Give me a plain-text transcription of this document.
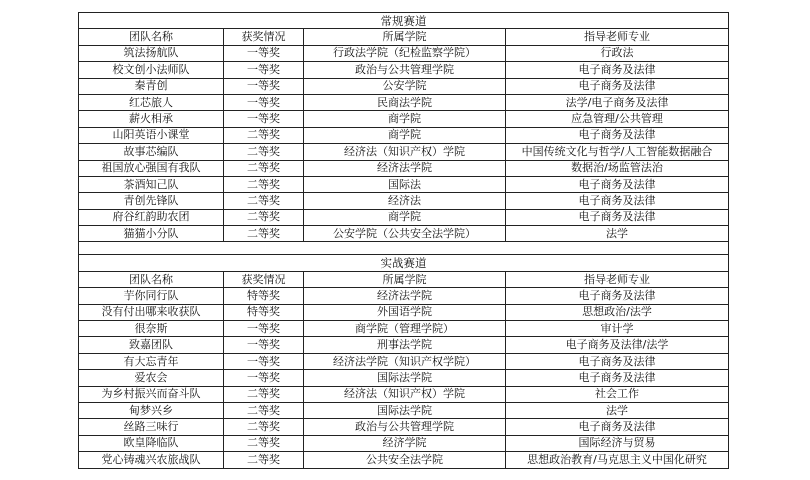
常规赛道			
团队名称	获奖情况	所属学院	指导老师专业
筑法扬航队	一等奖	行政法学院（纪检监察学院）	行政法
校文创小法师队	一等奖	政治与公共管理学院	电子商务及法律
秦青创	一等奖	公安学院	电子商务及法律
红芯旅人	一等奖	民商法学院	法学/电子商务及法律
薪火相承	一等奖	商学院	应急管理/公共管理
山阳英语小课堂	二等奖	商学院	电子商务及法律
故事芯编队	二等奖	经济法（知识产权）学院	中国传统文化与哲学/人工智能数据融合
祖国放心强国有我队	二等奖	经济法学院	数据治/场监管法治
茶酒知己队	二等奖	国际法	电子商务及法律
青创先锋队	二等奖	经济法	电子商务及法律
府谷红韵助农团	二等奖	商学院	电子商务及法律
猫猫小分队	二等奖	公安学院（公共安全法学院）	法学

实战赛道			
团队名称	获奖情况	所属学院	指导老师专业
芋你同行队	特等奖	经济法学院	电子商务及法律
没有付出哪来收获队	特等奖	外国语学院	思想政治/法学
很奈斯	一等奖	商学院（管理学院）	审计学
致嘉团队	一等奖	刑事法学院	电子商务及法律/法学
有大忘青年	一等奖	经济法学院（知识产权学院）	电子商务及法律
爱农会	一等奖	国际法学院	电子商务及法律
为乡村振兴而奋斗队	二等奖	经济法（知识产权）学院	社会工作
甸梦兴乡	二等奖	国际法学院	法学
丝路三味行	二等奖	政治与公共管理学院	电子商务及法律
欧皇降临队	二等奖	经济学院	国际经济与贸易
党心铸魂兴农旅战队	二等奖	公共安全法学院	思想政治教育/马克思主义中国化研究
